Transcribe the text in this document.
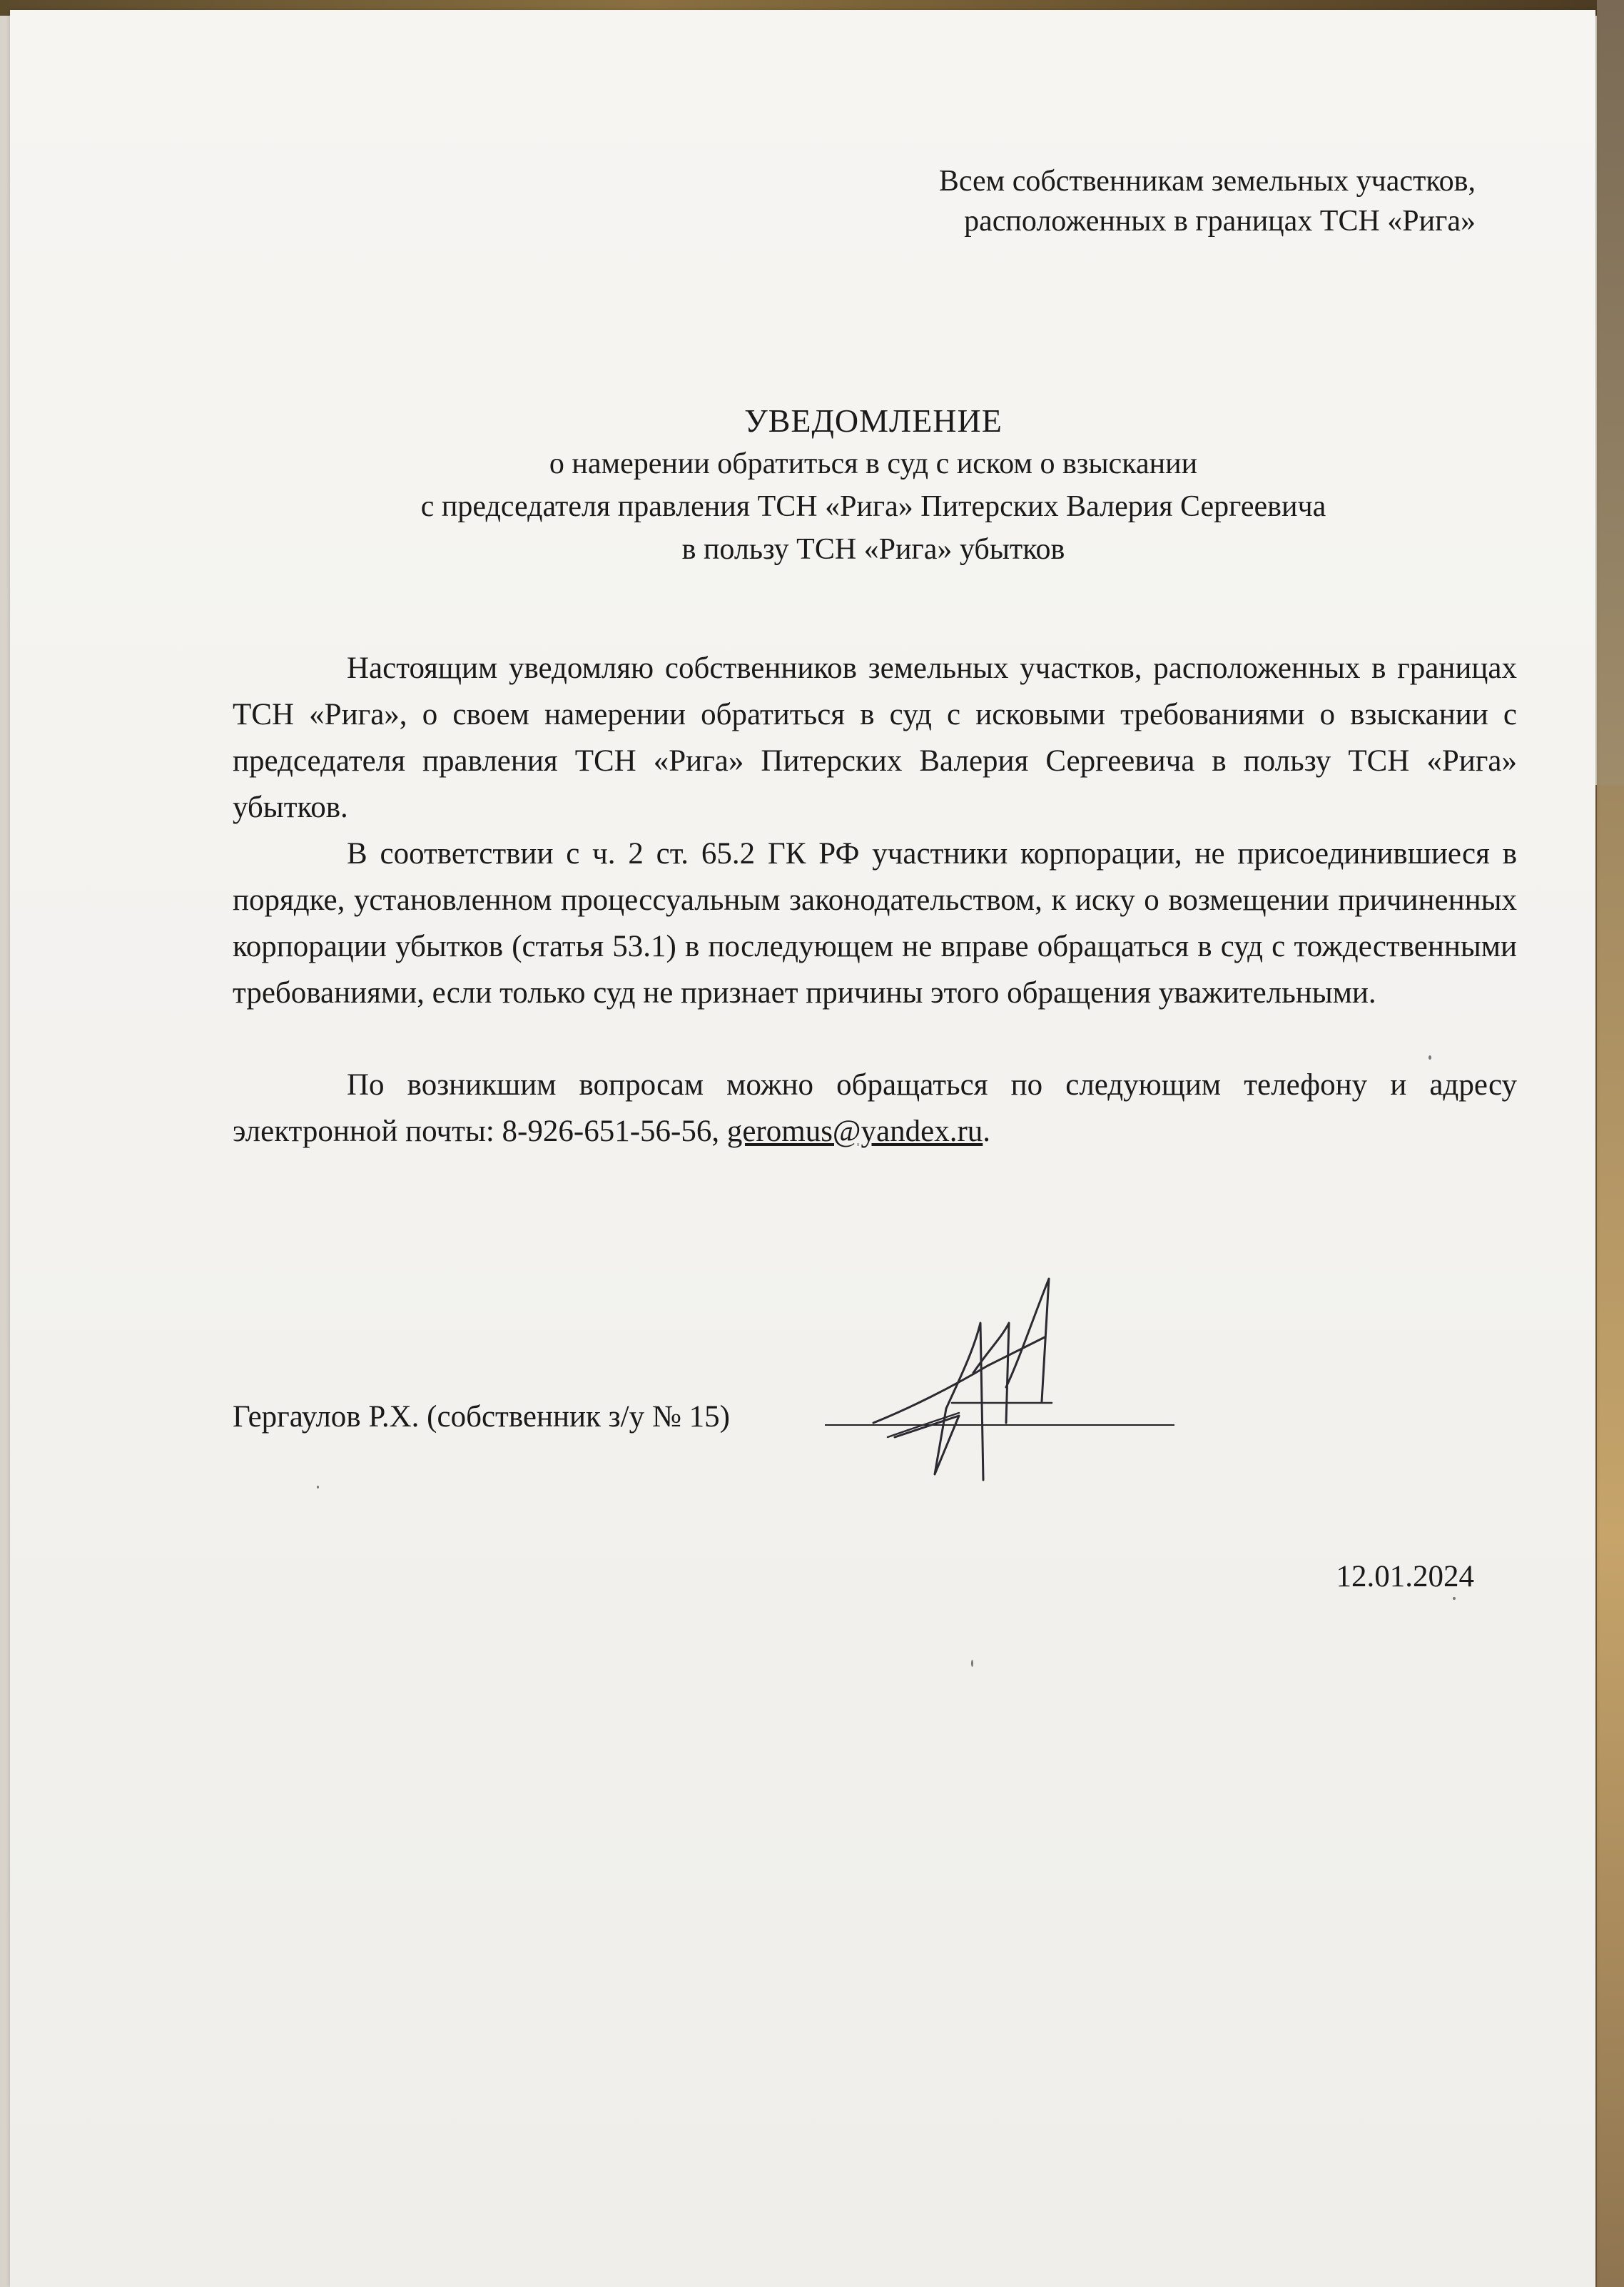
Всем собственникам земельных участков,
расположенных в границах ТСН «Рига»
УВЕДОМЛЕНИЕ
о намерении обратиться в суд с иском о взыскании
с председателя правления ТСН «Рига» Питерских Валерия Сергеевича
в пользу ТСН «Рига» убытков

Настоящим уведомляю собственников земельных участков, расположенных в границах ТСН «Рига», о своем намерении обратиться в суд с исковыми требованиями о взыскании с председателя правления ТСН «Рига» Питерских Валерия Сергеевича в пользу ТСН «Рига» убытков.

В соответствии с ч. 2 ст. 65.2 ГК РФ участники корпорации, не присоединившиеся в порядке, установленном процессуальным законодательством, к иску о возмещении причиненных корпорации убытков (статья 53.1) в последующем не вправе обращаться в суд с тождественными требованиями, если только суд не признает причины этого обращения уважительными.

По возникшим вопросам можно обращаться по следующим телефону и адресу электронной почты: 8-926-651-56-56, geromus@yandex.ru.

Гергаулов Р.Х. (собственник з/у № 15)
12.01.2024
